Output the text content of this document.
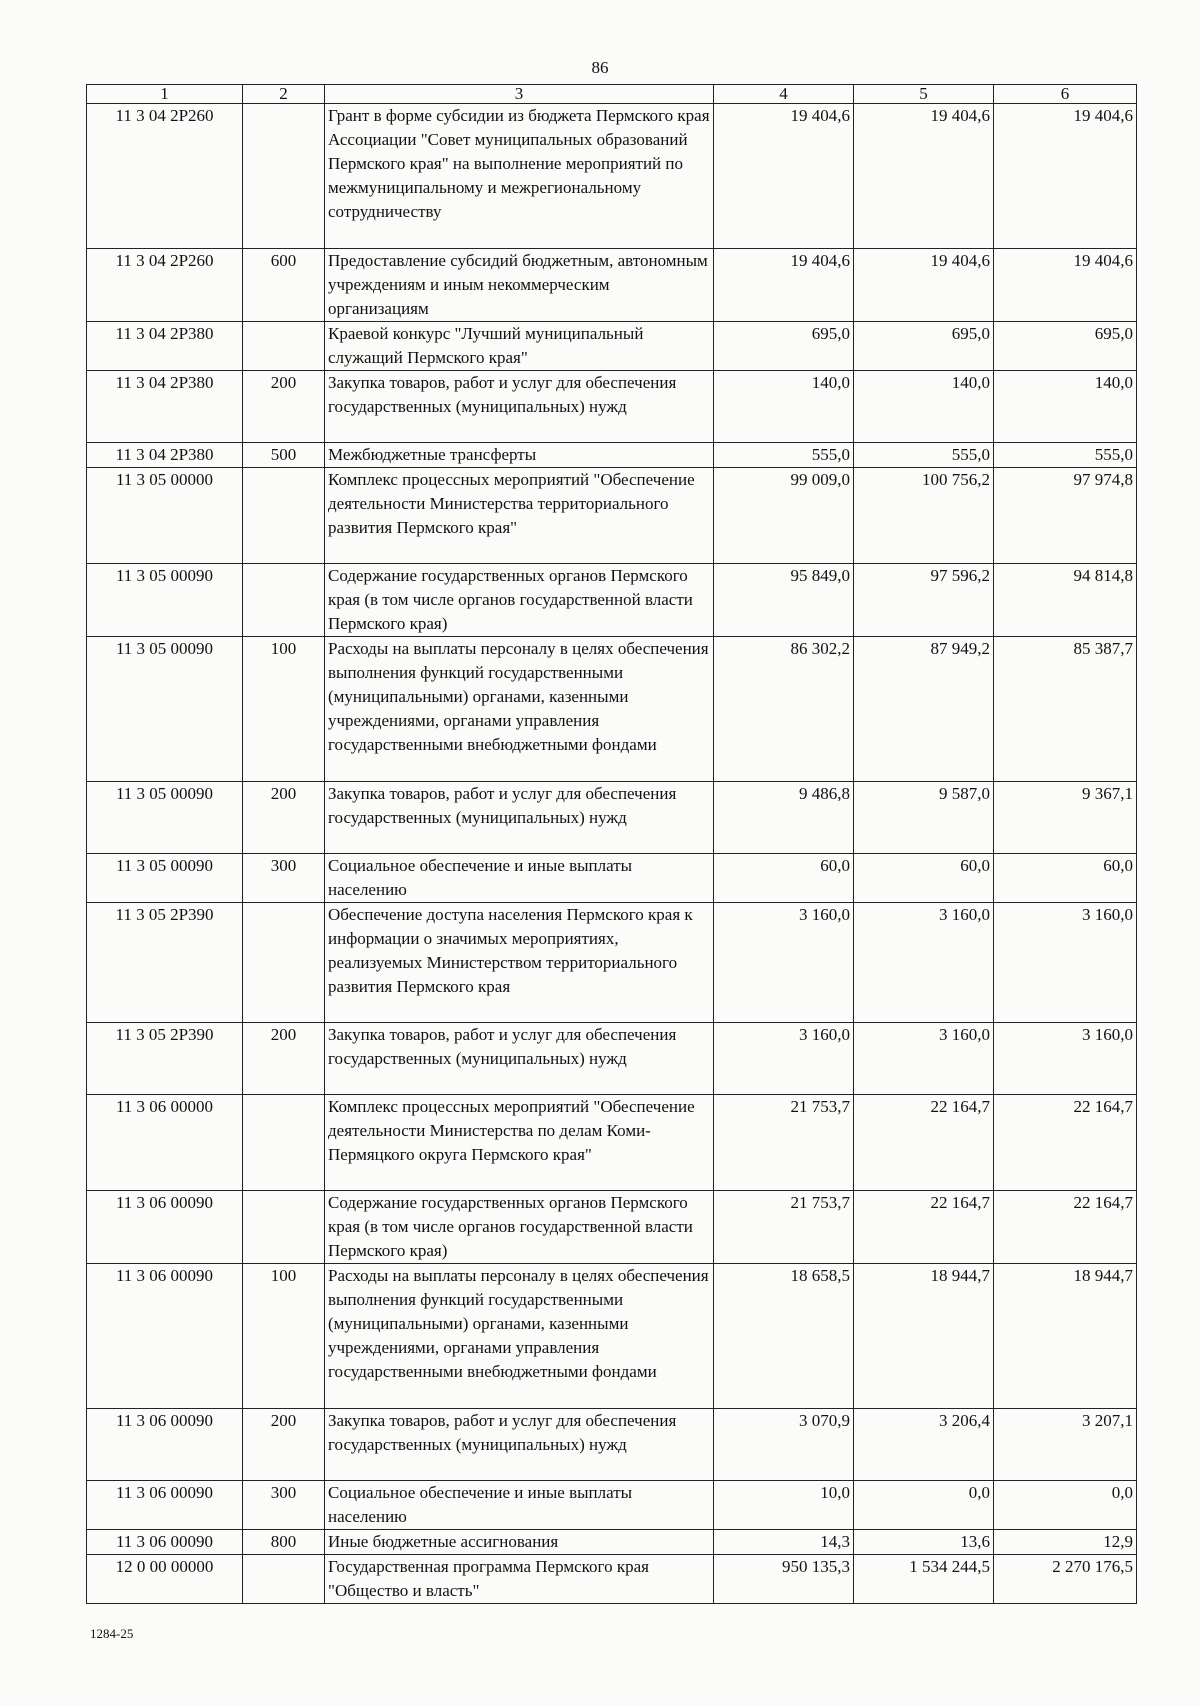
86
1	2	3	4	5	6
11 3 04 2Р260		Грант в форме субсидии из бюджета Пермского края Ассоциации "Совет муниципальных образований Пермского края" на выполнение мероприятий по межмуниципальному и межрегиональному сотрудничеству	19 404,6	19 404,6	19 404,6
11 3 04 2Р260	600	Предоставление субсидий бюджетным, автономным учреждениям и иным некоммерческим организациям	19 404,6	19 404,6	19 404,6
11 3 04 2Р380		Краевой конкурс "Лучший муниципальный служащий Пермского края"	695,0	695,0	695,0
11 3 04 2Р380	200	Закупка товаров, работ и услуг для обеспечения государственных (муниципальных) нужд	140,0	140,0	140,0
11 3 04 2Р380	500	Межбюджетные трансферты	555,0	555,0	555,0
11 3 05 00000		Комплекс процессных мероприятий "Обеспечение деятельности Министерства территориального развития Пермского края"	99 009,0	100 756,2	97 974,8
11 3 05 00090		Содержание государственных органов Пермского края (в том числе органов государственной власти Пермского края)	95 849,0	97 596,2	94 814,8
11 3 05 00090	100	Расходы на выплаты персоналу в целях обеспечения выполнения функций государственными (муниципальными) органами, казенными учреждениями, органами управления государственными внебюджетными фондами	86 302,2	87 949,2	85 387,7
11 3 05 00090	200	Закупка товаров, работ и услуг для обеспечения государственных (муниципальных) нужд	9 486,8	9 587,0	9 367,1
11 3 05 00090	300	Социальное обеспечение и иные выплаты населению	60,0	60,0	60,0
11 3 05 2Р390		Обеспечение доступа населения Пермского края к информации о значимых мероприятиях, реализуемых Министерством территориального развития Пермского края	3 160,0	3 160,0	3 160,0
11 3 05 2Р390	200	Закупка товаров, работ и услуг для обеспечения государственных (муниципальных) нужд	3 160,0	3 160,0	3 160,0
11 3 06 00000		Комплекс процессных мероприятий "Обеспечение деятельности Министерства по делам Коми-Пермяцкого округа Пермского края"	21 753,7	22 164,7	22 164,7
11 3 06 00090		Содержание государственных органов Пермского края (в том числе органов государственной власти Пермского края)	21 753,7	22 164,7	22 164,7
11 3 06 00090	100	Расходы на выплаты персоналу в целях обеспечения выполнения функций государственными (муниципальными) органами, казенными учреждениями, органами управления государственными внебюджетными фондами	18 658,5	18 944,7	18 944,7
11 3 06 00090	200	Закупка товаров, работ и услуг для обеспечения государственных (муниципальных) нужд	3 070,9	3 206,4	3 207,1
11 3 06 00090	300	Социальное обеспечение и иные выплаты населению	10,0	0,0	0,0
11 3 06 00090	800	Иные бюджетные ассигнования	14,3	13,6	12,9
12 0 00 00000		Государственная программа Пермского края "Общество и власть"	950 135,3	1 534 244,5	2 270 176,5
1284-25
